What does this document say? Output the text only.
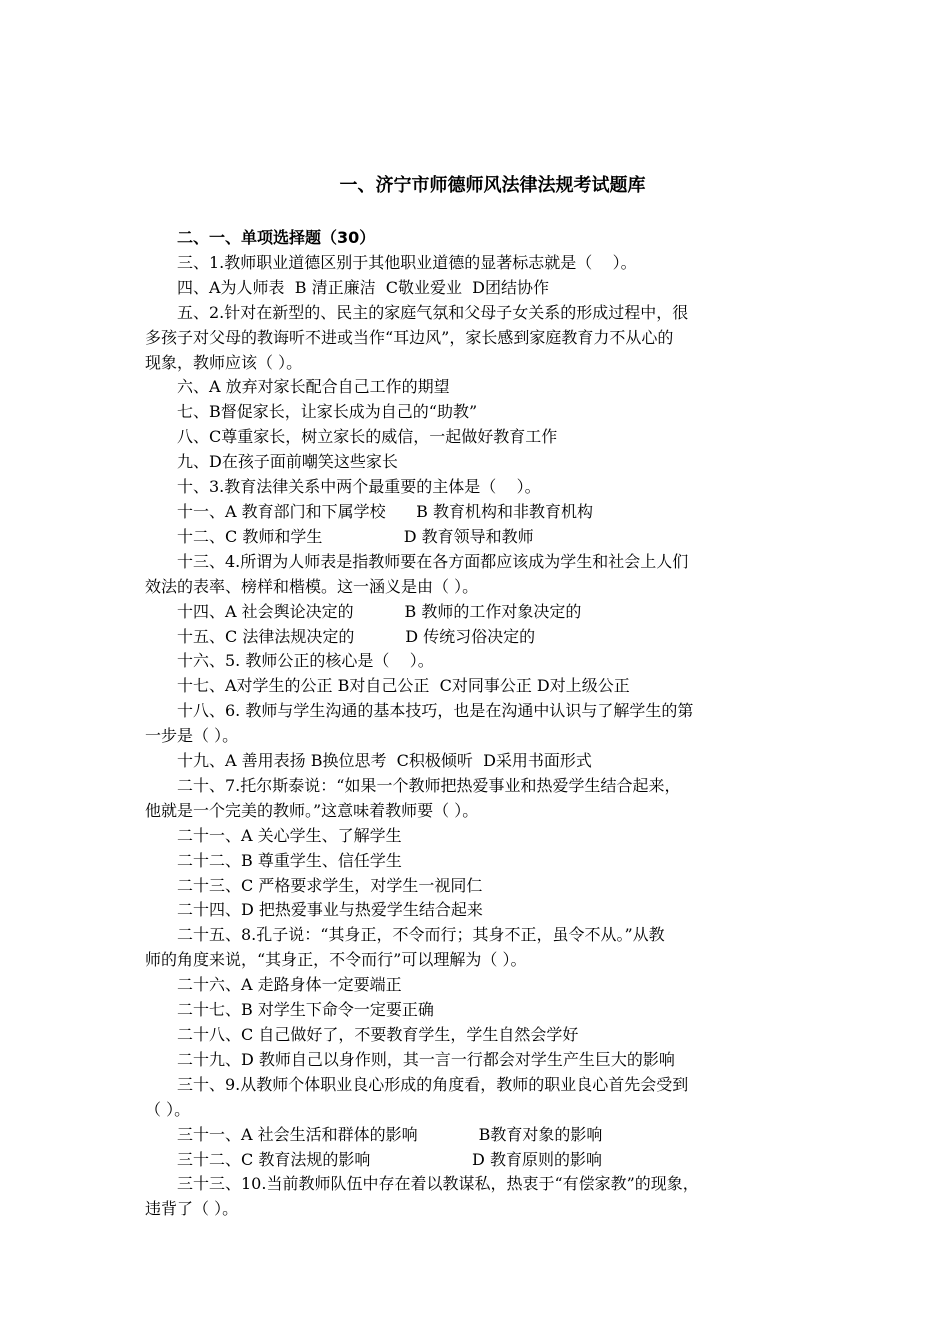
一、济宁市师德师风法律法规考试题库

二、一、单项选择题（30）

三、1.教师职业道德区别于其他职业道德的显著标志就是（    ）。

四、A为人师表  B 清正廉洁  C敬业爱业  D团结协作

五、2.针对在新型的、民主的家庭气氛和父母子女关系的形成过程中，很

多孩子对父母的教诲听不进或当作“耳边风”，家长感到家庭教育力不从心的

现象，教师应该（ ）。

六、A 放弃对家长配合自己工作的期望

七、B督促家长，让家长成为自己的“助教”

八、C尊重家长，树立家长的威信，一起做好教育工作

九、D在孩子面前嘲笑这些家长

十、3.教育法律关系中两个最重要的主体是（    ）。

十一、A 教育部门和下属学校      B 教育机构和非教育机构

十二、C 教师和学生                D 教育领导和教师

十三、4.所谓为人师表是指教师要在各方面都应该成为学生和社会上人们

效法的表率、榜样和楷模。这一涵义是由（ ）。

十四、A 社会舆论决定的          B 教师的工作对象决定的

十五、C 法律法规决定的          D 传统习俗决定的

十六、5. 教师公正的核心是（    ）。

十七、A对学生的公正 B对自己公正  C对同事公正 D对上级公正

十八、6. 教师与学生沟通的基本技巧，也是在沟通中认识与了解学生的第

一步是（ ）。

十九、A 善用表扬 B换位思考  C积极倾听  D采用书面形式

二十、7.托尔斯泰说：“如果一个教师把热爱事业和热爱学生结合起来，

他就是一个完美的教师。”这意味着教师要（ ）。

二十一、A 关心学生、了解学生

二十二、B 尊重学生、信任学生

二十三、C 严格要求学生，对学生一视同仁

二十四、D 把热爱事业与热爱学生结合起来

二十五、8.孔子说：“其身正，不令而行；其身不正，虽令不从。”从教

师的角度来说，“其身正，不令而行”可以理解为（ ）。

二十六、A 走路身体一定要端正

二十七、B 对学生下命令一定要正确

二十八、C 自己做好了，不要教育学生，学生自然会学好

二十九、D 教师自己以身作则，其一言一行都会对学生产生巨大的影响

三十、9.从教师个体职业良心形成的角度看，教师的职业良心首先会受到

（ ）。

三十一、A 社会生活和群体的影响            B教育对象的影响

三十二、C 教育法规的影响                    D 教育原则的影响

三十三、10.当前教师队伍中存在着以教谋私，热衷于“有偿家教”的现象，

违背了（ ）。
